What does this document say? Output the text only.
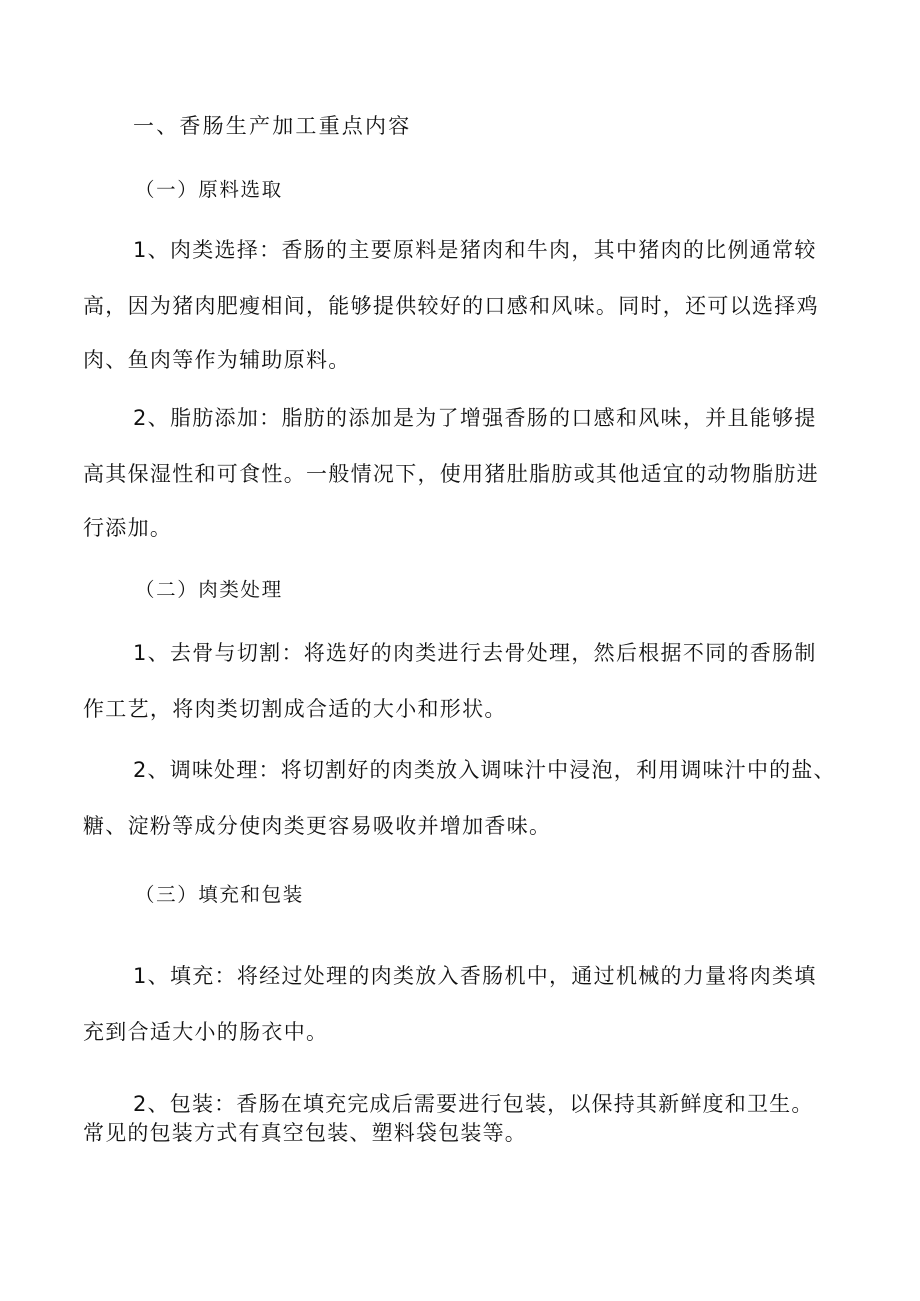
一、香肠生产加工重点内容
（一）原料选取
1、肉类选择：香肠的主要原料是猪肉和牛肉，其中猪肉的比例通常较
高，因为猪肉肥瘦相间，能够提供较好的口感和风味。同时，还可以选择鸡
肉、鱼肉等作为辅助原料。
2、脂肪添加：脂肪的添加是为了增强香肠的口感和风味，并且能够提
高其保湿性和可食性。一般情况下，使用猪肚脂肪或其他适宜的动物脂肪进
行添加。
（二）肉类处理
1、去骨与切割：将选好的肉类进行去骨处理，然后根据不同的香肠制
作工艺，将肉类切割成合适的大小和形状。
2、调味处理：将切割好的肉类放入调味汁中浸泡，利用调味汁中的盐、
糖、淀粉等成分使肉类更容易吸收并增加香味。
（三）填充和包装
1、填充：将经过处理的肉类放入香肠机中，通过机械的力量将肉类填
充到合适大小的肠衣中。
2、包装：香肠在填充完成后需要进行包装，以保持其新鲜度和卫生。
常见的包装方式有真空包装、塑料袋包装等。
